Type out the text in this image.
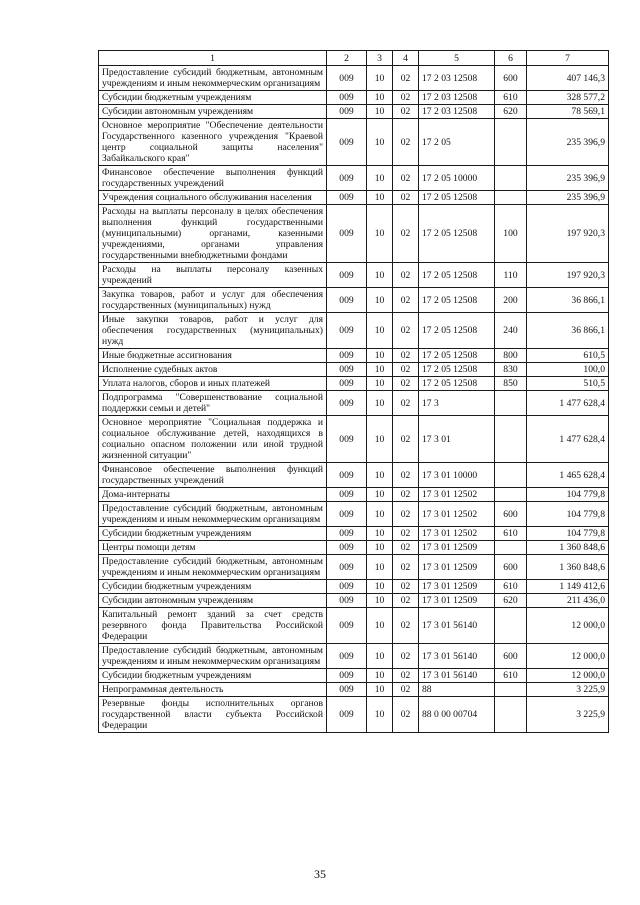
1	2	3	4	5	6	7
Предоставление субсидий бюджетным, автономным учреждениям и иным некоммерческим организациям	009	10	02	17 2 03 12508	600	407 146,3
Субсидии бюджетным учреждениям	009	10	02	17 2 03 12508	610	328 577,2
Субсидии автономным учреждениям	009	10	02	17 2 03 12508	620	78 569,1
Основное мероприятие "Обеспечение деятельности Государственного казенного учреждения "Краевой центр социальной защиты населения" Забайкальского края"	009	10	02	17 2 05		235 396,9
Финансовое обеспечение выполнения функций государственных учреждений	009	10	02	17 2 05 10000		235 396,9
Учреждения социального обслуживания населения	009	10	02	17 2 05 12508		235 396,9
Расходы на выплаты персоналу в целях обеспечения выполнения функций государственными (муниципальными) органами, казенными учреждениями, органами управления государственными внебюджетными фондами	009	10	02	17 2 05 12508	100	197 920,3
Расходы на выплаты персоналу казенных учреждений	009	10	02	17 2 05 12508	110	197 920,3
Закупка товаров, работ и услуг для обеспечения государственных (муниципальных) нужд	009	10	02	17 2 05 12508	200	36 866,1
Иные закупки товаров, работ и услуг для обеспечения государственных (муниципальных) нужд	009	10	02	17 2 05 12508	240	36 866,1
Иные бюджетные ассигнования	009	10	02	17 2 05 12508	800	610,5
Исполнение судебных актов	009	10	02	17 2 05 12508	830	100,0
Уплата налогов, сборов и иных платежей	009	10	02	17 2 05 12508	850	510,5
Подпрограмма "Совершенствование социальной поддержки семьи и детей"	009	10	02	17 3		1 477 628,4
Основное мероприятие "Социальная поддержка и социальное обслуживание детей, находящихся в социально опасном положении или иной трудной жизненной ситуации"	009	10	02	17 3 01		1 477 628,4
Финансовое обеспечение выполнения функций государственных учреждений	009	10	02	17 3 01 10000		1 465 628,4
Дома-интернаты	009	10	02	17 3 01 12502		104 779,8
Предоставление субсидий бюджетным, автономным учреждениям и иным некоммерческим организациям	009	10	02	17 3 01 12502	600	104 779,8
Субсидии бюджетным учреждениям	009	10	02	17 3 01 12502	610	104 779,8
Центры помощи детям	009	10	02	17 3 01 12509		1 360 848,6
Предоставление субсидий бюджетным, автономным учреждениям и иным некоммерческим организациям	009	10	02	17 3 01 12509	600	1 360 848,6
Субсидии бюджетным учреждениям	009	10	02	17 3 01 12509	610	1 149 412,6
Субсидии автономным учреждениям	009	10	02	17 3 01 12509	620	211 436,0
Капитальный ремонт зданий за счет средств резервного фонда Правительства Российской Федерации	009	10	02	17 3 01 56140		12 000,0
Предоставление субсидий бюджетным, автономным учреждениям и иным некоммерческим организациям	009	10	02	17 3 01 56140	600	12 000,0
Субсидии бюджетным учреждениям	009	10	02	17 3 01 56140	610	12 000,0
Непрограммная деятельность	009	10	02	88		3 225,9
Резервные фонды исполнительных органов государственной власти субъекта Российской Федерации	009	10	02	88 0 00 00704		3 225,9
35
